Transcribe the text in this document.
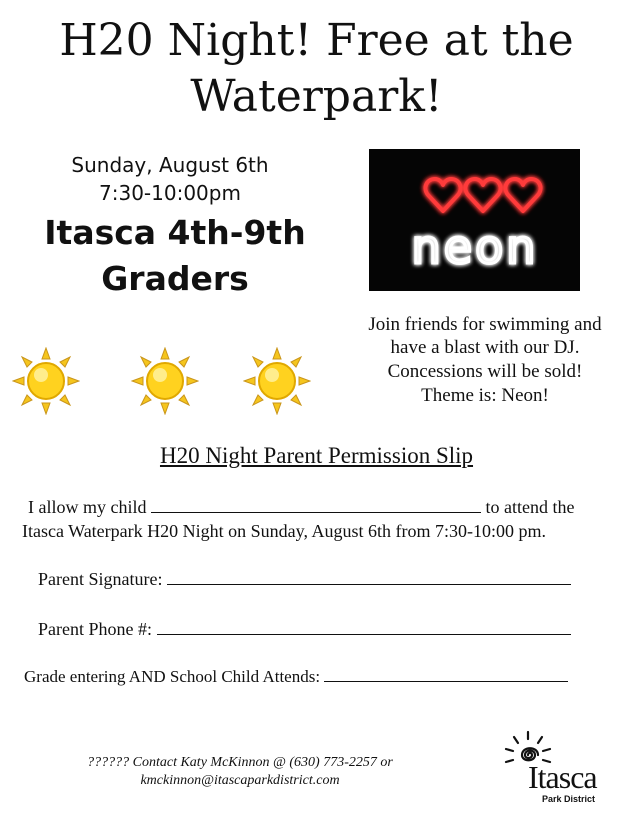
H20 Night! Free at the
Waterpark!
Sunday, August 6th
7:30-10:00pm
Itasca 4th-9th
Graders
neon
Join friends for swimming and
have a blast with our DJ.
Concessions will be sold!
Theme is: Neon!
H20 Night Parent Permission Slip
I allow my child	to attend the
Itasca Waterpark H20 Night on Sunday, August 6th from 7:30-10:00 pm.
Parent Signature:
Parent Phone #:
Grade entering AND School Child Attends:
?????? Contact Katy McKinnon @ (630) 773-2257 or
kmckinnon@itascaparkdistrict.com	Itasca
Park District
